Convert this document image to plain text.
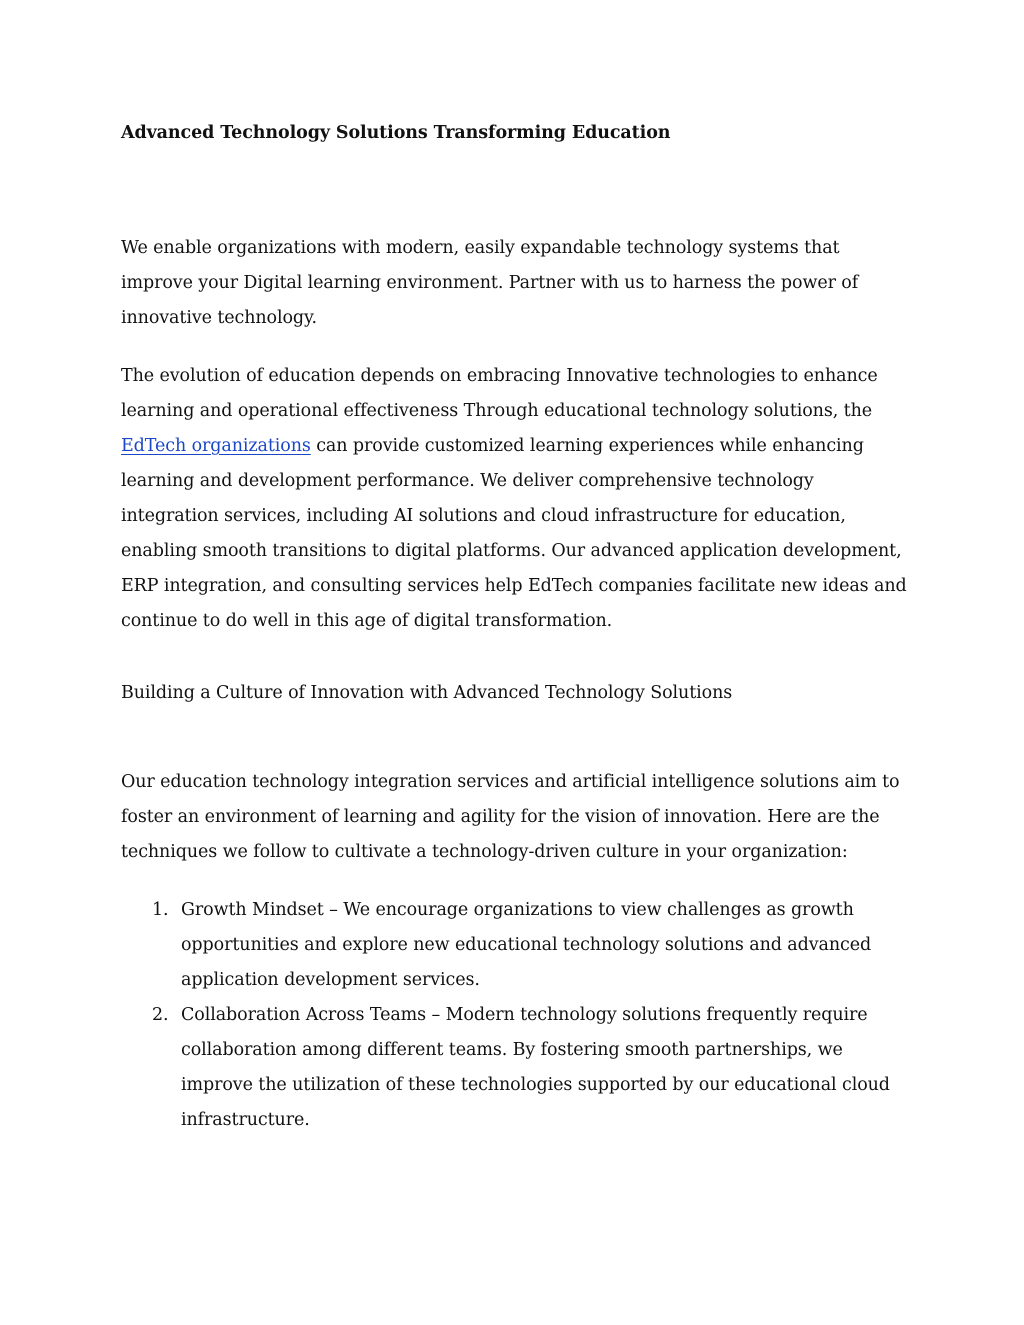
Advanced Technology Solutions Transforming Education

We enable organizations with modern, easily expandable technology systems that improve your Digital learning environment. Partner with us to harness the power of innovative technology.

The evolution of education depends on embracing Innovative technologies to enhance learning and operational effectiveness Through educational technology solutions, the EdTech organizations can provide customized learning experiences while enhancing learning and development performance. We deliver comprehensive technology integration services, including AI solutions and cloud infrastructure for education, enabling smooth transitions to digital platforms. Our advanced application development, ERP integration, and consulting services help EdTech companies facilitate new ideas and continue to do well in this age of digital transformation.

Building a Culture of Innovation with Advanced Technology Solutions

Our education technology integration services and artificial intelligence solutions aim to foster an environment of learning and agility for the vision of innovation. Here are the techniques we follow to cultivate a technology-driven culture in your organization:

1. Growth Mindset – We encourage organizations to view challenges as growth opportunities and explore new educational technology solutions and advanced application development services.
2. Collaboration Across Teams – Modern technology solutions frequently require collaboration among different teams. By fostering smooth partnerships, we improve the utilization of these technologies supported by our educational cloud infrastructure.
